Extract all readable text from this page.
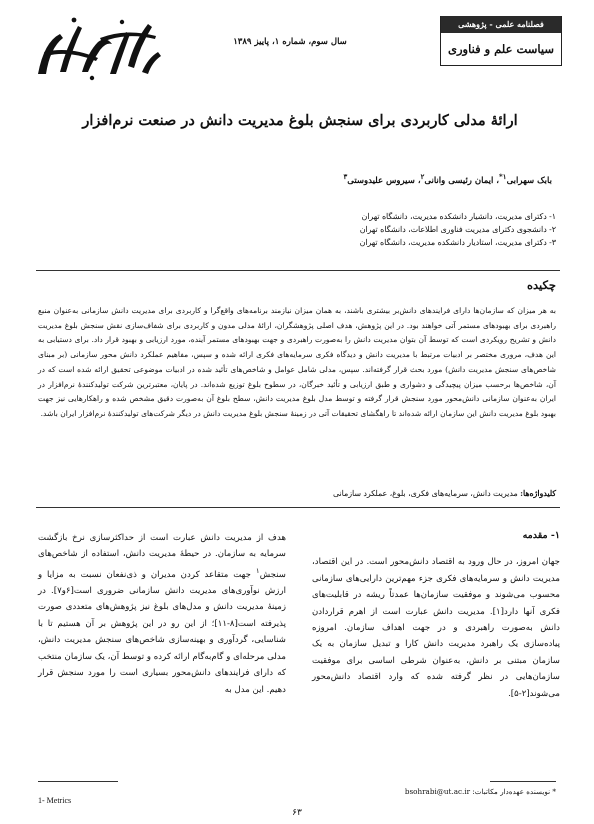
سال سوم، شماره ۱، پاییز ۱۳۸۹
فصلنامه علمی - پژوهشی
سیاست علم و فناوری
ارائهٔ مدلی کاربردی برای سنجش بلوغ مدیریت دانش در صنعت نرم‌افزار
بابک سهرابی$^{۱*}$، ایمان رئیسی وانانی$^۲$، سیروس علیدوستی$^۳$
۱- دکترای مدیریت، دانشیار دانشکده مدیریت، دانشگاه تهران
۲- دانشجوی دکترای مدیریت فناوری اطلاعات، دانشگاه تهران
۳- دکترای مدیریت، استادیار دانشکده مدیریت، دانشگاه تهران
چکیده
به هر میزان که سازمان‌ها دارای فرایندهای دانش‌بر بیشتری باشند، به همان میزان نیازمند برنامه‌های واقع‌گرا و کاربردی برای مدیریت دانش سازمانی به‌عنوان منبع راهبردی برای بهبودهای مستمر آتی خواهند بود. در این پژوهش، هدف اصلی پژوهشگران، ارائهٔ مدلی مدون و کاربردی برای شفاف‌سازی نقش سنجش بلوغ مدیریت دانش و تشریح رویکردی است که توسط آن بتوان مدیریت دانش را به‌صورت راهبردی و جهت بهبودهای مستمر آینده، مورد ارزیابی و بهبود قرار داد. برای دستیابی به این هدف، مروری مختصر بر ادبیات مرتبط با مدیریت دانش و دیدگاه فکری سرمایه‌های فکری ارائه شده و سپس، مفاهیم عملکرد دانش محور سازمانی (بر مبنای شاخص‌های سنجش مدیریت دانش) مورد بحث قرار گرفته‌اند. سپس، مدلی شامل عوامل و شاخص‌های تأئید شده در ادبیات موضوعی تحقیق ارائه شده است که در آن، شاخص‌ها برحسب میزان پیچیدگی و دشواری و طبق ارزیابی و تأئید خبرگان، در سطوح بلوغ توزیع شده‌اند. در پایان، معتبرترین شرکت تولیدکنندهٔ نرم‌افزار در ایران به‌عنوان سازمانی دانش‌محور مورد سنجش قرار گرفته و توسط مدل بلوغ مدیریت دانش، سطح بلوغ آن به‌صورت دقیق مشخص شده و راهکارهایی نیز جهت بهبود بلوغ مدیریت دانش این سازمان ارائه شده‌اند تا راهگشای تحقیقات آتی در زمینهٔ سنجش بلوغ مدیریت دانش در دیگر شرکت‌های تولیدکنندهٔ نرم‌افزار ایران باشد.
کلیدواژه‌ها: مدیریت دانش، سرمایه‌های فکری، بلوغ، عملکرد سازمانی
۱- مقدمه
جهان امروز، در حال ورود به اقتصاد دانش‌محور است. در این اقتصاد، مدیریت دانش و سرمایه‌های فکری جزء مهم‌ترین دارایی‌های سازمانی محسوب می‌شوند و موفقیت سازمان‌ها عمدتاً ریشه در قابلیت‌های فکری آنها دارد[۱]. مدیریت دانش عبارت است از اهرم قراردادن دانش به‌صورت راهبردی و در جهت اهداف سازمان. امروزه پیاده‌سازی یک راهبرد مدیریت دانش کارا و تبدیل سازمان به یک سازمان مبتنی بر دانش، به‌عنوان شرطی اساسی برای موفقیت سازمان‌هایی در نظر گرفته شده که وارد اقتصاد دانش‌محور می‌شوند[۲-۵].
هدف از مدیریت دانش عبارت است از حداکثرسازی نرخ بازگشت سرمایه به سازمان. در حیطهٔ مدیریت دانش، استفاده از شاخص‌های سنجش$^۱$ جهت متقاعد کردن مدیران و ذی‌نفعان نسبت به مزایا و ارزش نوآوری‌های مدیریت دانش سازمانی ضروری است[۶و۷]. در زمینهٔ مدیریت دانش و مدل‌های بلوغ نیز پژوهش‌های متعددی صورت پذیرفته است[۸-۱۱]؛ از این رو در این پژوهش بر آن هستیم تا با شناسایی، گردآوری و بهینه‌سازی شاخص‌های سنجش مدیریت دانش، مدلی مرحله‌ای و گام‌به‌گام ارائه کرده و توسط آن، یک سازمان منتخب که دارای فرایندهای دانش‌محور بسیاری است را مورد سنجش قرار دهیم. این مدل به
* نویسنده عهده‌دار مکاتبات: bsohrabi@ut.ac.ir
1- Metrics
۶۳
